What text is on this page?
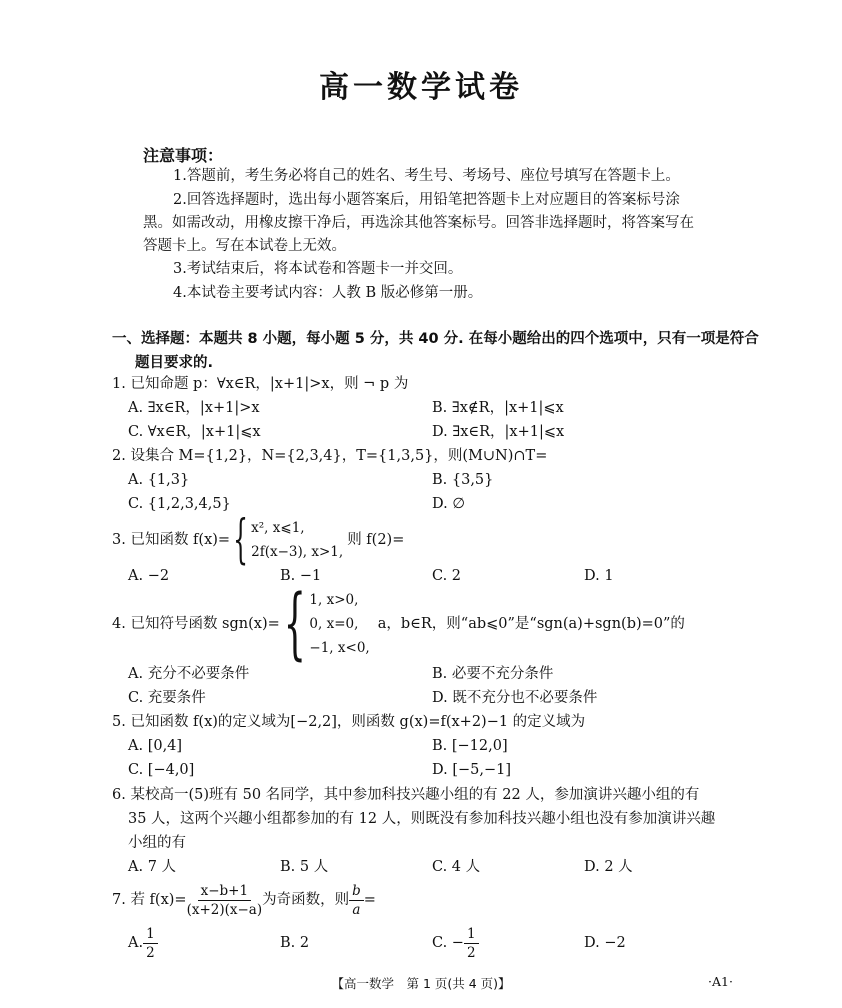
高一数学试卷
注意事项：
1.答题前，考生务必将自己的姓名、考生号、考场号、座位号填写在答题卡上。
2.回答选择题时，选出每小题答案后，用铅笔把答题卡上对应题目的答案标号涂
黑。如需改动，用橡皮擦干净后，再选涂其他答案标号。回答非选择题时，将答案写在
答题卡上。写在本试卷上无效。
3.考试结束后，将本试卷和答题卡一并交回。
4.本试卷主要考试内容：人教 B 版必修第一册。
一、选择题：本题共 8 小题，每小题 5 分，共 40 分. 在每小题给出的四个选项中，只有一项是符合
题目要求的.
1. 已知命题 p：∀x∈R，|x+1|>x，则 ¬ p 为
A. ∃x∈R，|x+1|>x	B. ∃x∉R，|x+1|⩽x
C. ∀x∈R，|x+1|⩽x	D. ∃x∈R，|x+1|⩽x
2. 设集合 M={1,2}，N={2,3,4}，T={1,3,5}，则(M∪N)∩T=
A. {1,3}	B. {3,5}
C. {1,2,3,4,5}	D. ∅
3. 已知函数 f(x)= { x², x⩽1,
2f(x−3), x>1,
则 f(2)=
A. −2	B. −1	C. 2	D. 1
4. 已知符号函数 sgn(x)= { 1, x>0,
0, x=0,
−1, x<0,
a，b∈R，则“ab⩽0”是“sgn(a)+sgn(b)=0”的
A. 充分不必要条件	B. 必要不充分条件
C. 充要条件	D. 既不充分也不必要条件
5. 已知函数 f(x)的定义域为[−2,2]，则函数 g(x)=f(x+2)−1 的定义域为
A. [0,4]	B. [−12,0]
C. [−4,0]	D. [−5,−1]
6. 某校高一(5)班有 50 名同学，其中参加科技兴趣小组的有 22 人，参加演讲兴趣小组的有
35 人，这两个兴趣小组都参加的有 12 人，则既没有参加科技兴趣小组也没有参加演讲兴趣
小组的有
A. 7 人	B. 5 人	C. 4 人	D. 2 人
7. 若 $f(x)= \frac{x-b+1}{(x+2)(x-a)}$ 为奇函数，则 $\frac{b}{a}$ =
A. $\frac{1}{2}$	B. 2	C. − $\frac{1}{2}$	D. −2
【高一数学　第 1 页(共 4 页)】	·A1·
